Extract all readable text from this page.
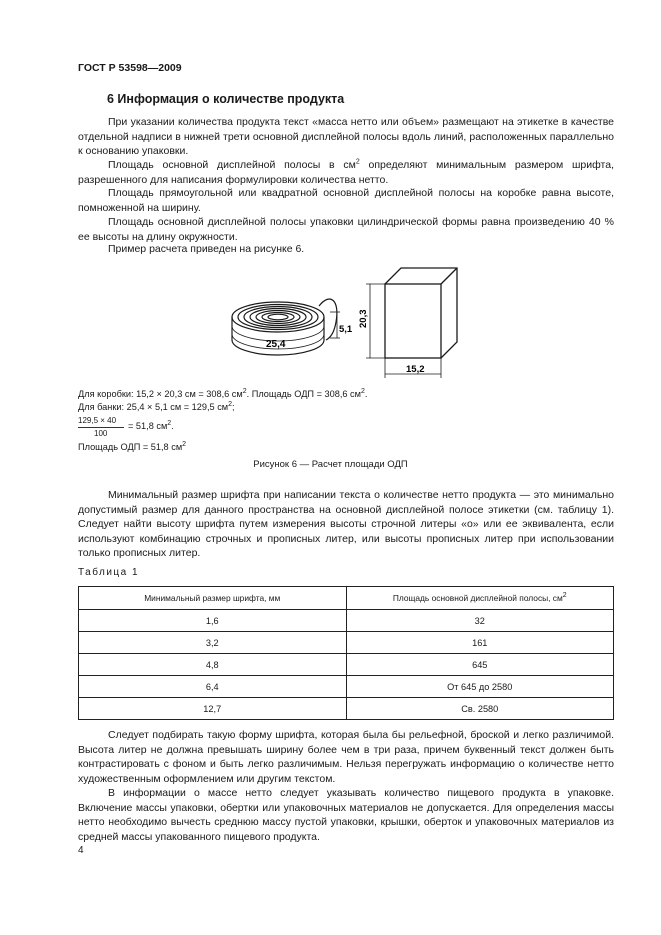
ГОСТ Р 53598—2009
6 Информация о количестве продукта
При указании количества продукта текст «масса нетто или объем» размещают на этикетке в качестве отдельной надписи в нижней трети основной дисплейной полосы вдоль линий, расположенных параллельно к основанию упаковки.
Площадь основной дисплейной полосы в $см^2$ определяют минимальным размером шрифта, разрешенного для написания формулировки количества нетто.
Площадь прямоугольной или квадратной основной дисплейной полосы на коробке равна высоте, помноженной на ширину.
Площадь основной дисплейной полосы упаковки цилиндрической формы равна произведению 40 % ее высоты на длину окружности.
Пример расчета приведен на рисунке 6.
25,4
5,1
20,3
15,2
Для коробки: 15,2 × 20,3 см = 308,6 $см^2$. Площадь ОДП = 308,6 $см^2$.
Для банки: 25,4 × 5,1 см = 129,5 $см^2$;
129,5 × 40
100
= 51,8 $см^2$.
Площадь ОДП = 51,8 $см^2$
Рисунок 6 — Расчет площади ОДП
Минимальный размер шрифта при написании текста о количестве нетто продукта — это минимально допустимый размер для данного пространства на основной дисплейной полосе этикетки (см. таблицу 1). Следует найти высоту шрифта путем измерения высоты строчной литеры «о» или ее эквивалента, если используют комбинацию строчных и прописных литер, или высоты прописных литер при использовании только прописных литер.
Таблица 1
Минимальный размер шрифта, мм	Площадь основной дисплейной полосы, $см^2$
1,6	32
3,2	161
4,8	645
6,4	От 645 до 2580
12,7	Св. 2580
Следует подбирать такую форму шрифта, которая была бы рельефной, броской и легко различимой. Высота литер не должна превышать ширину более чем в три раза, причем буквенный текст должен быть контрастировать с фоном и быть легко различимым. Нельзя перегружать информацию о количестве нетто художественным оформлением или другим текстом.
В информации о массе нетто следует указывать количество пищевого продукта в упаковке. Включение массы упаковки, обертки или упаковочных материалов не допускается. Для определения массы нетто необходимо вычесть среднюю массу пустой упаковки, крышки, оберток и упаковочных материалов из средней массы упакованного пищевого продукта.
4
